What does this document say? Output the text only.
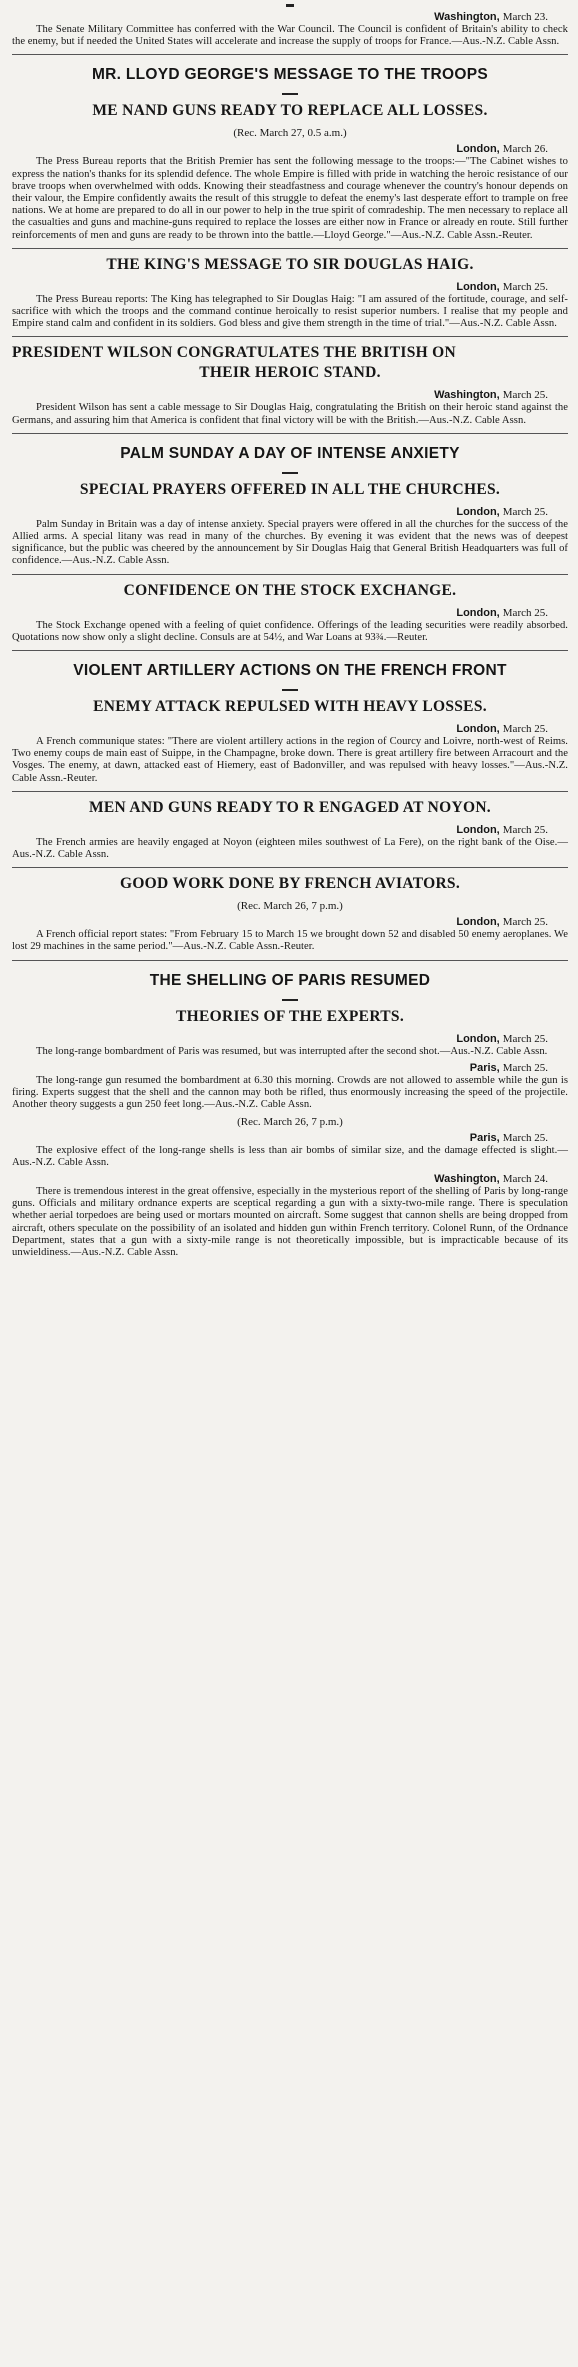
Washington, March 23.

The Senate Military Committee has conferred with the War Council. The Council is confident of Britain's ability to check the enemy, but if needed the United States will accelerate and increase the supply of troops for France.—Aus.-N.Z. Cable Assn.

MR. LLOYD GEORGE'S MESSAGE TO THE TROOPS
ME NAND GUNS READY TO REPLACE ALL LOSSES.
(Rec. March 27, 0.5 a.m.)
London, March 26.

The Press Bureau reports that the British Premier has sent the following message to the troops:—"The Cabinet wishes to express the nation's thanks for its splendid defence. The whole Empire is filled with pride in watching the heroic resistance of our brave troops when overwhelmed with odds. Knowing their steadfastness and courage whenever the country's honour depends on their valour, the Empire confidently awaits the result of this struggle to defeat the enemy's last desperate effort to trample on free nations. We at home are prepared to do all in our power to help in the true spirit of comradeship. The men necessary to replace all the casualties and guns and machine-guns required to replace the losses are either now in France or already en route. Still further reinforcements of men and guns are ready to be thrown into the battle.—Lloyd George."—Aus.-N.Z. Cable Assn.-Reuter.

THE KING'S MESSAGE TO SIR DOUGLAS HAIG.
London, March 25.

The Press Bureau reports: The King has telegraphed to Sir Douglas Haig: "I am assured of the fortitude, courage, and self-sacrifice with which the troops and the command continue heroically to resist superior numbers. I realise that my people and Empire stand calm and confident in its soldiers. God bless and give them strength in the time of trial."—Aus.-N.Z. Cable Assn.

PRESIDENT WILSON CONGRATULATES THE BRITISH ON
THEIR HEROIC STAND.
Washington, March 25.

President Wilson has sent a cable message to Sir Douglas Haig, congratulating the British on their heroic stand against the Germans, and assuring him that America is confident that final victory will be with the British.—Aus.-N.Z. Cable Assn.

PALM SUNDAY A DAY OF INTENSE ANXIETY
SPECIAL PRAYERS OFFERED IN ALL THE CHURCHES.
London, March 25.

Palm Sunday in Britain was a day of intense anxiety. Special prayers were offered in all the churches for the success of the Allied arms. A special litany was read in many of the churches. By evening it was evident that the news was of deepest significance, but the public was cheered by the announcement by Sir Douglas Haig that General British Headquarters was full of confidence.—Aus.-N.Z. Cable Assn.

CONFIDENCE ON THE STOCK EXCHANGE.
London, March 25.

The Stock Exchange opened with a feeling of quiet confidence. Offerings of the leading securities were readily absorbed. Quotations now show only a slight decline. Consuls are at 54½, and War Loans at 93¾.—Reuter.

VIOLENT ARTILLERY ACTIONS ON THE FRENCH FRONT
ENEMY ATTACK REPULSED WITH HEAVY LOSSES.
London, March 25.

A French communique states: "There are violent artillery actions in the region of Courcy and Loivre, north-west of Reims. Two enemy coups de main east of Suippe, in the Champagne, broke down. There is great artillery fire between Arracourt and the Vosges. The enemy, at dawn, attacked east of Hiemery, east of Badonviller, and was repulsed with heavy losses."—Aus.-N.Z. Cable Assn.-Reuter.

MEN AND GUNS READY TO R ENGAGED AT NOYON.
London, March 25.

The French armies are heavily engaged at Noyon (eighteen miles southwest of La Fere), on the right bank of the Oise.—Aus.-N.Z. Cable Assn.

GOOD WORK DONE BY FRENCH AVIATORS.
(Rec. March 26, 7 p.m.)
London, March 25.

A French official report states: "From February 15 to March 15 we brought down 52 and disabled 50 enemy aeroplanes. We lost 29 machines in the same period."—Aus.-N.Z. Cable Assn.-Reuter.

THE SHELLING OF PARIS RESUMED
THEORIES OF THE EXPERTS.
London, March 25.

The long-range bombardment of Paris was resumed, but was interrupted after the second shot.—Aus.-N.Z. Cable Assn.

Paris, March 25.

The long-range gun resumed the bombardment at 6.30 this morning. Crowds are not allowed to assemble while the gun is firing. Experts suggest that the shell and the cannon may both be rifled, thus enormously increasing the speed of the projectile. Another theory suggests a gun 250 feet long.—Aus.-N.Z. Cable Assn.

(Rec. March 26, 7 p.m.)
Paris, March 25.

The explosive effect of the long-range shells is less than air bombs of similar size, and the damage effected is slight.—Aus.-N.Z. Cable Assn.

Washington, March 24.

There is tremendous interest in the great offensive, especially in the mysterious report of the shelling of Paris by long-range guns. Officials and military ordnance experts are sceptical regarding a gun with a sixty-two-mile range. There is speculation whether aerial torpedoes are being used or mortars mounted on aircraft. Some suggest that cannon shells are being dropped from aircraft, others speculate on the possibility of an isolated and hidden gun within French territory. Colonel Runn, of the Ordnance Department, states that a gun with a sixty-mile range is not theoretically impossible, but is impracticable because of its unwieldiness.—Aus.-N.Z. Cable Assn.
